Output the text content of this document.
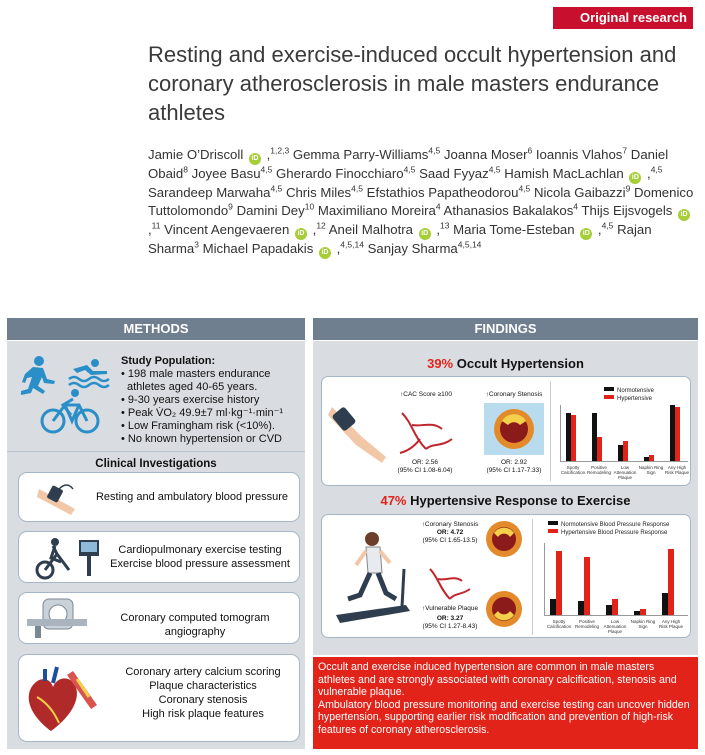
Original research
Resting and exercise-induced occult hypertension and coronary atherosclerosis in male masters endurance athletes
Jamie O’Driscoll iD ,$^{1,2,3}$ Gemma Parry-Williams$^{4,5}$ Joanna Moser$^6$ Ioannis Vlahos$^7$ Daniel Obaid$^8$ Joyee Basu$^{4,5}$ Gherardo Finocchiaro$^{4,5}$ Saad Fyyaz$^{4,5}$ Hamish MacLachlan iD ,$^{4,5}$ Sarandeep Marwaha$^{4,5}$ Chris Miles$^{4,5}$ Efstathios Papatheodorou$^{4,5}$ Nicola Gaibazzi$^9$ Domenico Tuttolomondo$^9$ Damini Dey$^{10}$ Maximiliano Moreira$^4$ Athanasios Bakalakos$^4$ Thijs Eijsvogels iD ,$^{11}$ Vincent Aengevaeren iD ,$^{12}$ Aneil Malhotra iD ,$^{13}$ Maria Tome-Esteban iD ,$^{4,5}$ Rajan Sharma$^3$ Michael Papadakis iD ,$^{4,5,14}$ Sanjay Sharma$^{4,5,14}$
METHODS
Study Population:
• 198 male masters endurance
athletes aged 40-65 years.
• 9-30 years exercise history
• Peak V̇O₂ 49.9±7 ml·kg⁻¹·min⁻¹
• Low Framingham risk (<10%).
• No known hypertension or CVD
Clinical Investigations
Resting and ambulatory blood pressure
Cardiopulmonary exercise testing
Exercise blood pressure assessment
Coronary computed tomogram angiography
Coronary artery calcium scoring
Plaque characteristics
Coronary stenosis
High risk plaque features
FINDINGS
39% Occult Hypertension
↑CAC Score ≥100
OR: 2.56
(95% CI 1.08-6.04)
↑Coronary Stenosis
OR: 2.92
(95% CI 1.17-7.33)
Normotensive
Hypertensive
Spotty Calcification
Positive Remodeling
Low Attenuation Plaque
Napkin Ring Sign
Any High Risk Plaque
47% Hypertensive Response to Exercise
↑Coronary Stenosis
OR: 4.72
(95% CI 1.65-13.5)
↑Vulnerable Plaque
OR: 3.27
(95% CI 1.27-8.43)
Normotensive Blood Pressure Response
Hypertensive Blood Pressure Response
Spotty Calcification
Positive Remodeling
Low Attenuation Plaque
Napkin Ring Sign
Any High Risk Plaque

Occult and exercise induced hypertension are common in male masters athletes and are strongly associated with coronary calcification, stenosis and vulnerable plaque.

Ambulatory blood pressure monitoring and exercise testing can uncover hidden hypertension, supporting earlier risk modification and prevention of high-risk features of coronary atherosclerosis.
